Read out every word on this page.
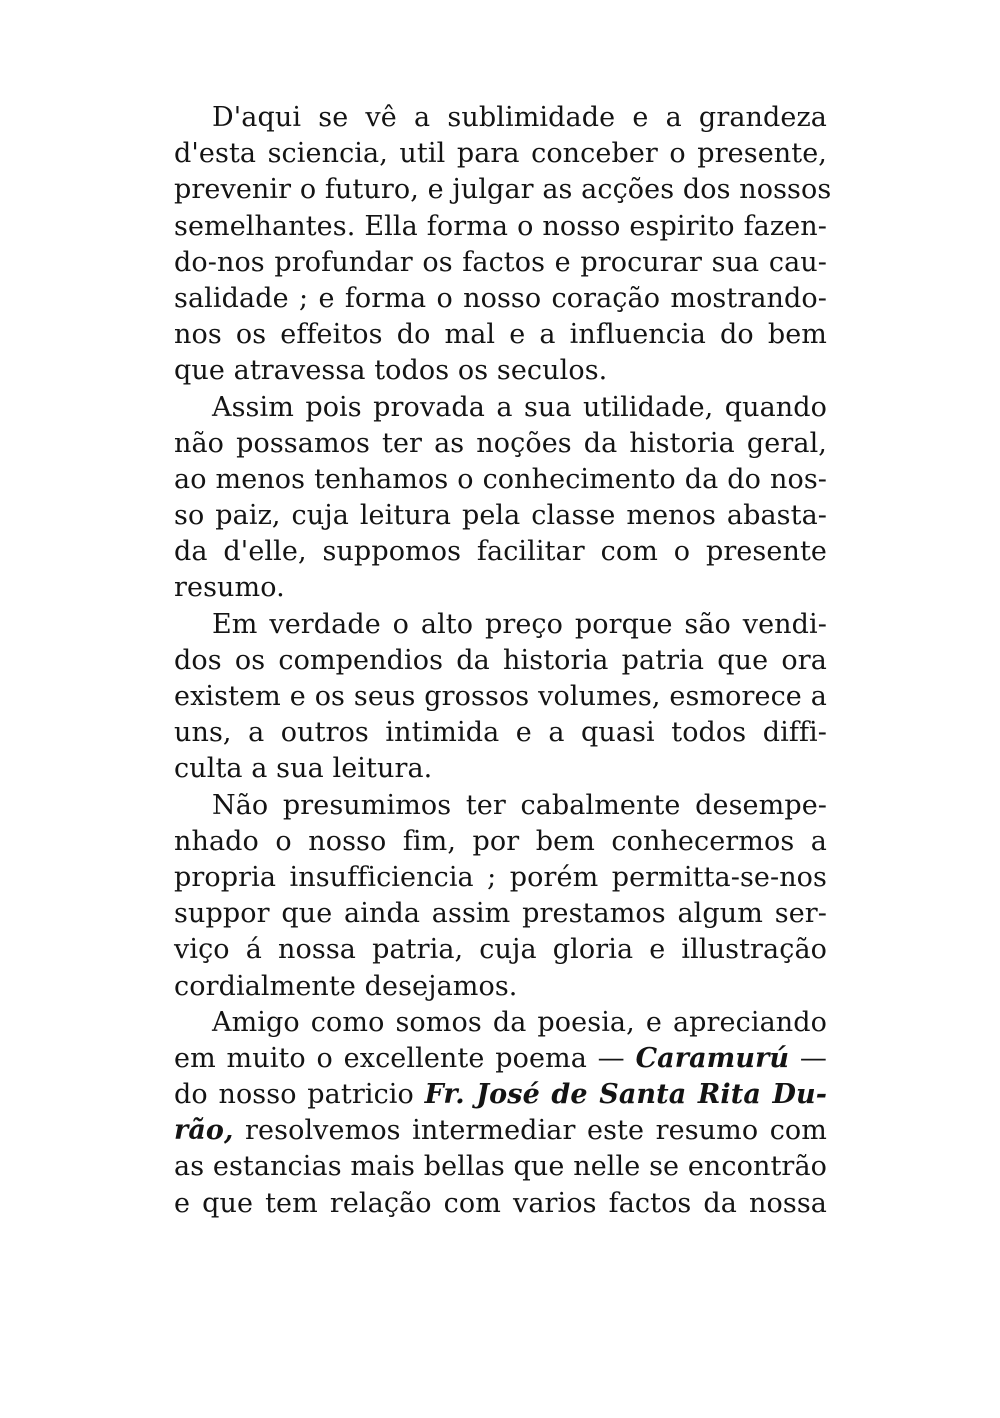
D'aqui se vê a sublimidade e a grandeza
d'esta sciencia, util para conceber o presente,
prevenir o futuro, e julgar as acções dos nossos
semelhantes. Ella forma o nosso espirito fazen-
do-nos profundar os factos e procurar sua cau-
salidade ; e forma o nosso coração mostrando-
nos os effeitos do mal e a influencia do bem
que atravessa todos os seculos.
Assim pois provada a sua utilidade, quando
não possamos ter as noções da historia geral,
ao menos tenhamos o conhecimento da do nos-
so paiz, cuja leitura pela classe menos abasta-
da d'elle, suppomos facilitar com o presente
resumo.
Em verdade o alto preço porque são vendi-
dos os compendios da historia patria que ora
existem e os seus grossos volumes, esmorece a
uns, a outros intimida e a quasi todos diffi-
culta a sua leitura.
Não presumimos ter cabalmente desempe-
nhado o nosso fim, por bem conhecermos a
propria insufficiencia ; porém permitta-se-nos
suppor que ainda assim prestamos algum ser-
viço á nossa patria, cuja gloria e illustração
cordialmente desejamos.
Amigo como somos da poesia, e apreciando
em muito o excellente poema — Caramurú —
do nosso patricio Fr. José de Santa Rita Du-
rão, resolvemos intermediar este resumo com
as estancias mais bellas que nelle se encontrão
e que tem relação com varios factos da nossa
